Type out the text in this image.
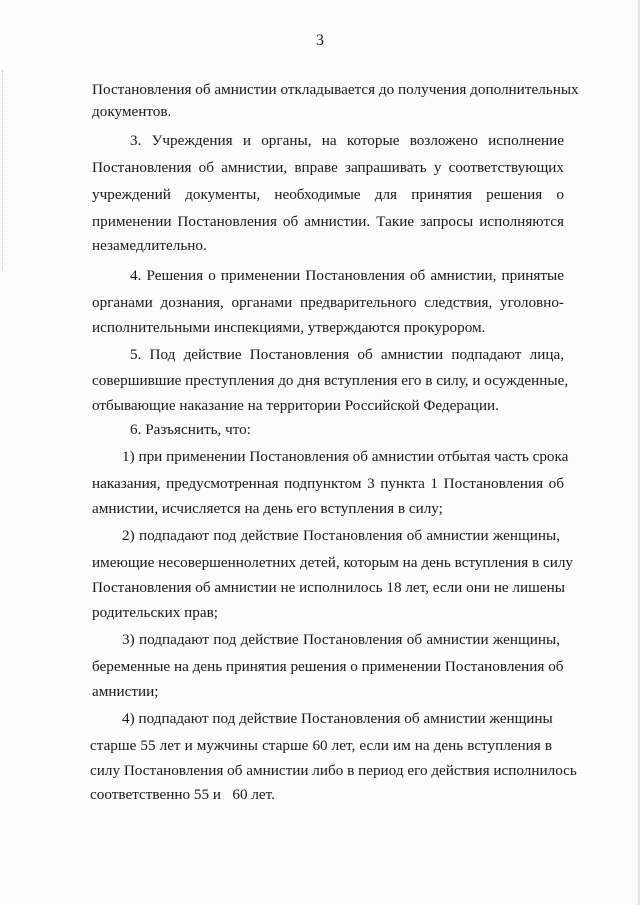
3
Постановления об амнистии откладывается до получения дополнительных
документов.
3. Учреждения и органы, на которые возложено исполнение
Постановления об амнистии, вправе запрашивать у соответствующих
учреждений документы, необходимые для принятия решения о
применении Постановления об амнистии. Такие запросы исполняются
незамедлительно.
4. Решения о применении Постановления об амнистии, принятые
органами дознания, органами предварительного следствия, уголовно-
исполнительными инспекциями, утверждаются прокурором.
5. Под действие Постановления об амнистии подпадают лица,
совершившие преступления до дня вступления его в силу, и осужденные,
отбывающие наказание на территории Российской Федерации.
6. Разъяснить, что:
1) при применении Постановления об амнистии отбытая часть срока
наказания, предусмотренная подпунктом 3 пункта 1 Постановления об
амнистии, исчисляется на день его вступления в силу;
2) подпадают под действие Постановления об амнистии женщины,
имеющие несовершеннолетних детей, которым на день вступления в силу
Постановления об амнистии не исполнилось 18 лет, если они не лишены
родительских прав;
3) подпадают под действие Постановления об амнистии женщины,
беременные на день принятия решения о применении Постановления об
амнистии;
4) подпадают под действие Постановления об амнистии женщины
старше 55 лет и мужчины старше 60 лет, если им на день вступления в
силу Постановления об амнистии либо в период его действия исполнилось
соответственно 55 и   60 лет.
